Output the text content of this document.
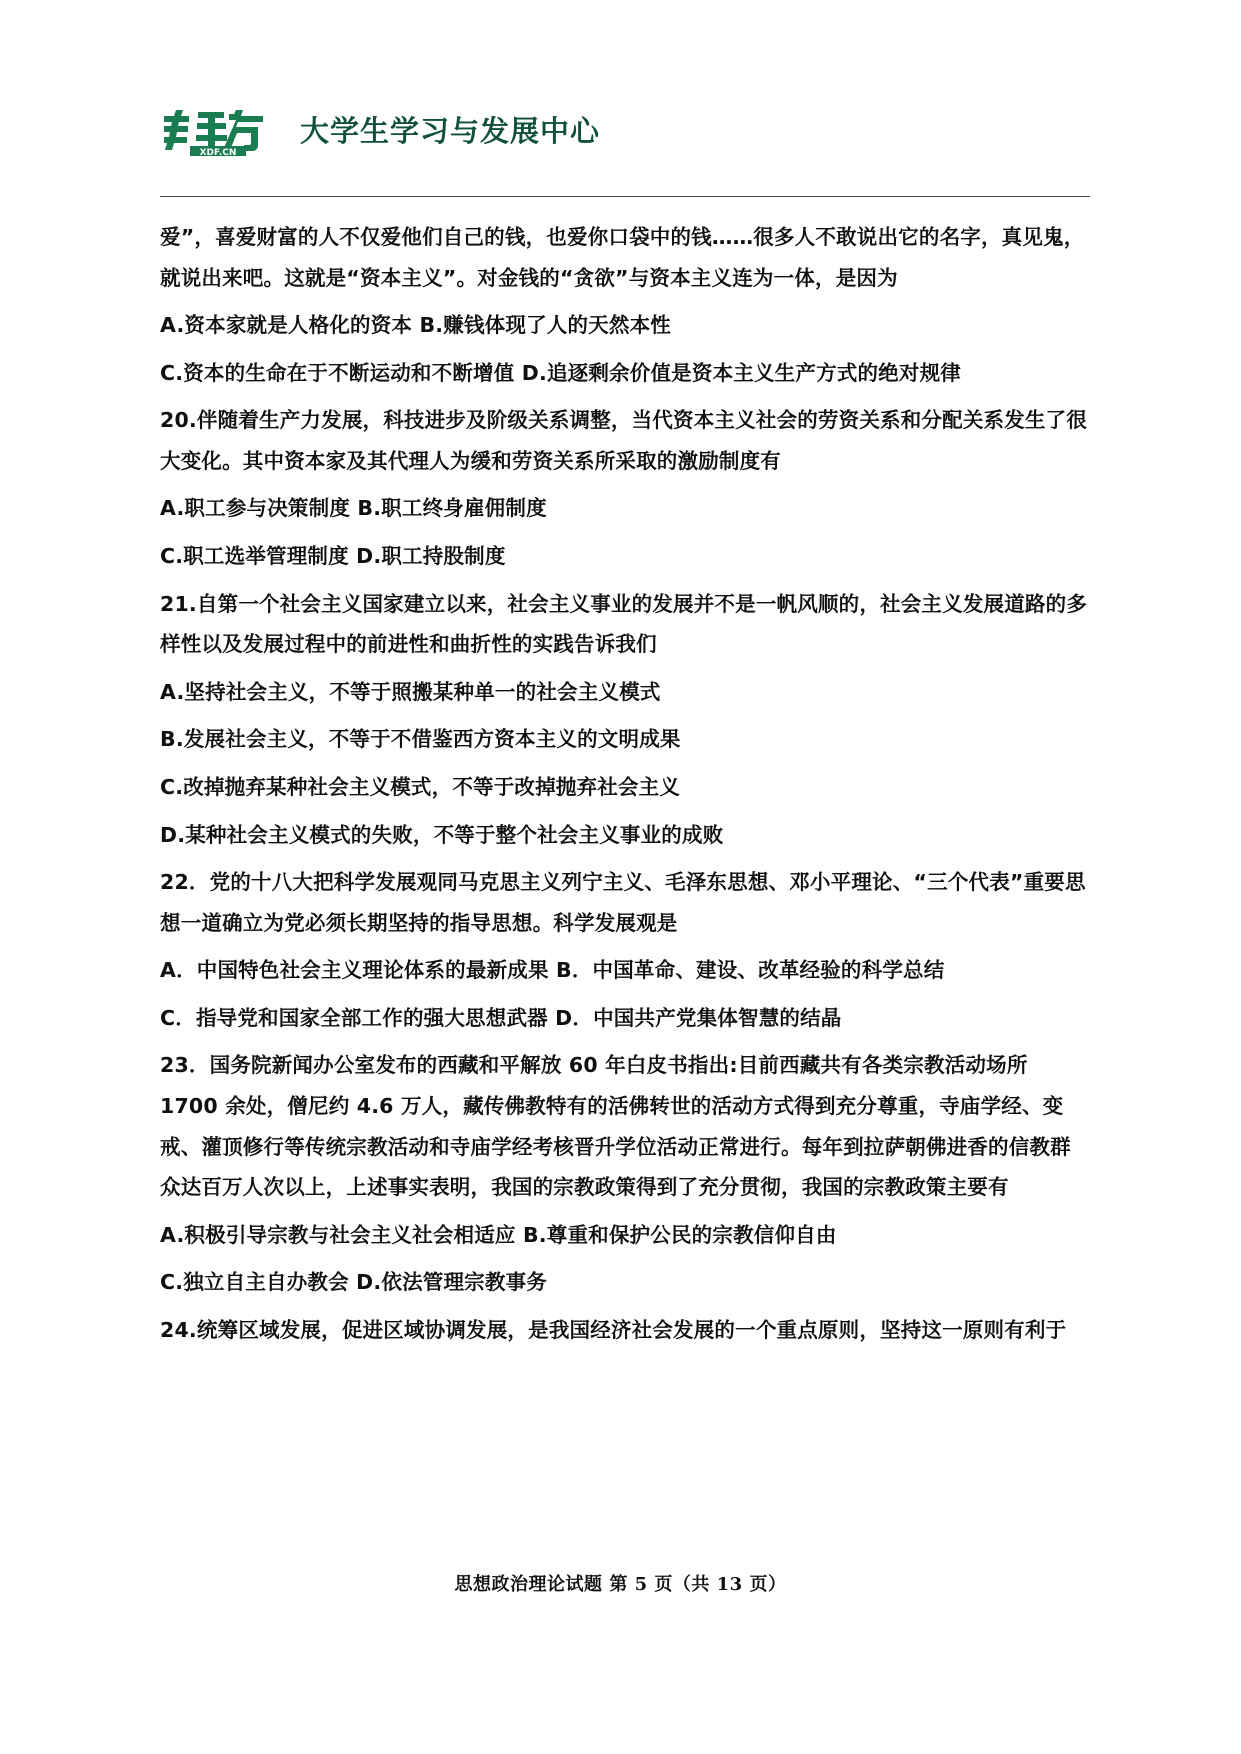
XDF.CN
大学生学习与发展中心

爱”，喜爱财富的人不仅爱他们自己的钱，也爱你口袋中的钱……很多人不敢说出它的名字，真见鬼，就说出来吧。这就是“资本主义”。对金钱的“贪欲”与资本主义连为一体，是因为

A.资本家就是人格化的资本 B.赚钱体现了人的天然本性

C.资本的生命在于不断运动和不断增值 D.追逐剩余价值是资本主义生产方式的绝对规律

20.伴随着生产力发展，科技进步及阶级关系调整，当代资本主义社会的劳资关系和分配关系发生了很大变化。其中资本家及其代理人为缓和劳资关系所采取的激励制度有

A.职工参与决策制度 B.职工终身雇佣制度

C.职工选举管理制度 D.职工持股制度

21.自第一个社会主义国家建立以来，社会主义事业的发展并不是一帆风顺的，社会主义发展道路的多样性以及发展过程中的前进性和曲折性的实践告诉我们

A.坚持社会主义，不等于照搬某种单一的社会主义模式

B.发展社会主义，不等于不借鉴西方资本主义的文明成果

C.改掉抛弃某种社会主义模式，不等于改掉抛弃社会主义

D.某种社会主义模式的失败，不等于整个社会主义事业的成败

22．党的十八大把科学发展观同马克思主义列宁主义、毛泽东思想、邓小平理论、“三个代表”重要思想一道确立为党必须长期坚持的指导思想。科学发展观是

A．中国特色社会主义理论体系的最新成果 B．中国革命、建设、改革经验的科学总结

C．指导党和国家全部工作的强大思想武器 D．中国共产党集体智慧的结晶

23．国务院新闻办公室发布的西藏和平解放 60 年白皮书指出:目前西藏共有各类宗教活动场所 1700 余处，僧尼约 4.6 万人，藏传佛教特有的活佛转世的活动方式得到充分尊重，寺庙学经、变戒、灌顶修行等传统宗教活动和寺庙学经考核晋升学位活动正常进行。每年到拉萨朝佛进香的信教群众达百万人次以上，上述事实表明，我国的宗教政策得到了充分贯彻，我国的宗教政策主要有

A.积极引导宗教与社会主义社会相适应 B.尊重和保护公民的宗教信仰自由

C.独立自主自办教会 D.依法管理宗教事务

24.统筹区域发展，促进区域协调发展，是我国经济社会发展的一个重点原则，坚持这一原则有利于

思想政治理论试题 第 5 页（共 13 页）
